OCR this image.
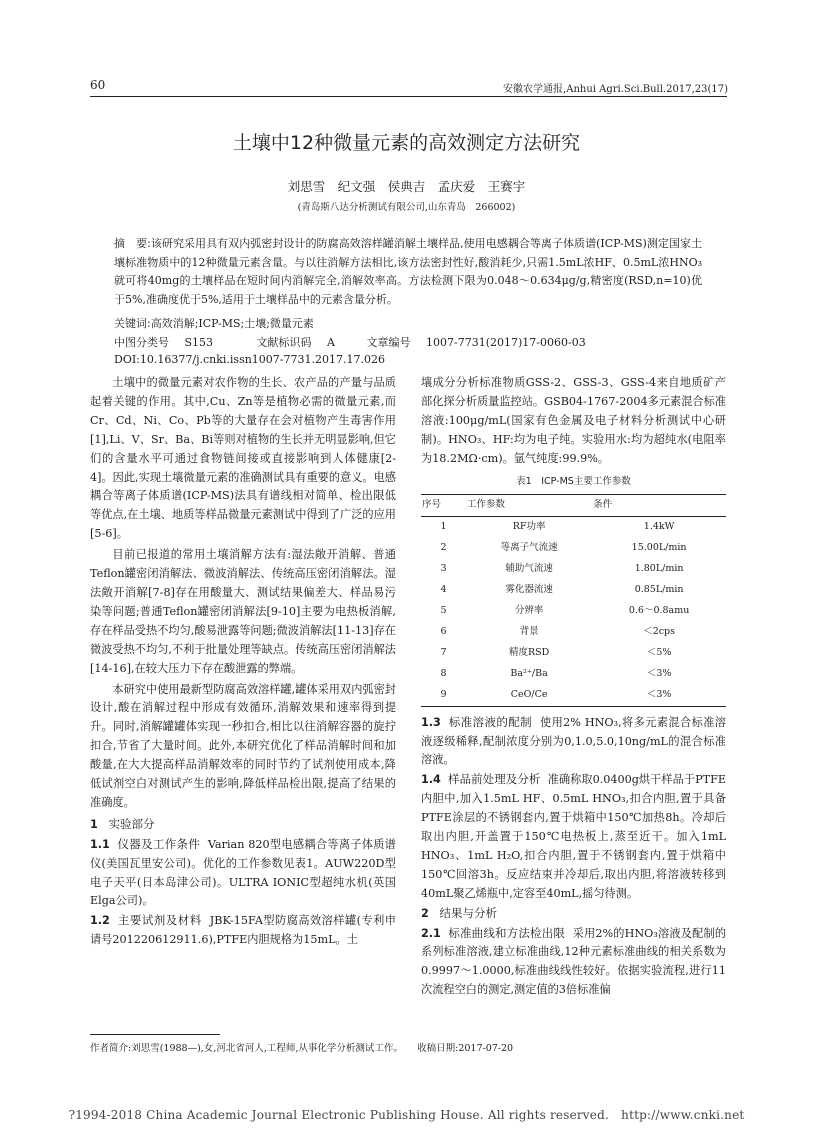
60	安徽农学通报,Anhui Agri.Sci.Bull.2017,23(17)
土壤中12种微量元素的高效测定方法研究
刘思雪　纪文强　侯典吉　孟庆爱　王赛宇
(青岛斯八达分析测试有限公司,山东青岛　266002)
摘　要:该研究采用具有双内弧密封设计的防腐高效溶样罐消解土壤样品,使用电感耦合等离子体质谱(ICP-MS)测定国家土壤标准物质中的12种微量元素含量。与以往消解方法相比,该方法密封性好,酸消耗少,只需1.5mL浓HF、0.5mL浓HNO₃就可将40mg的土壤样品在短时间内消解完全,消解效率高。方法检测下限为0.048～0.634μg/g,精密度(RSD,n=10)优于5%,准确度优于5%,适用于土壤样品中的元素含量分析。
关键词:高效消解;ICP-MS;土壤;微量元素
中图分类号 S153	文献标识码 A	文章编号 1007-7731(2017)17-0060-03
DOI:10.16377/j.cnki.issn1007-7731.2017.17.026

土壤中的微量元素对农作物的生长、农产品的产量与品质起着关键的作用。其中,Cu、Zn等是植物必需的微量元素,而Cr、Cd、Ni、Co、Pb等的大量存在会对植物产生毒害作用[1],Li、V、Sr、Ba、Bi等则对植物的生长并无明显影响,但它们的含量水平可通过食物链间接或直接影响到人体健康[2-4]。因此,实现土壤微量元素的准确测试具有重要的意义。电感耦合等离子体质谱(ICP-MS)法具有谱线相对简单、检出限低等优点,在土壤、地质等样品微量元素测试中得到了广泛的应用[5-6]。

目前已报道的常用土壤消解方法有:湿法敞开消解、普通Teflon罐密闭消解法、微波消解法、传统高压密闭消解法。湿法敞开消解[7-8]存在用酸量大、测试结果偏差大、样品易污染等问题;普通Teflon罐密闭消解法[9-10]主要为电热板消解,存在样品受热不均匀,酸易泄露等问题;微波消解法[11-13]存在微波受热不均匀,不利于批量处理等缺点。传统高压密闭消解法[14-16],在较大压力下存在酸泄露的弊端。

本研究中使用最新型防腐高效溶样罐,罐体采用双内弧密封设计,酸在消解过程中形成有效循环,消解效果和速率得到提升。同时,消解罐罐体实现一秒扣合,相比以往消解容器的旋拧扣合,节省了大量时间。此外,本研究优化了样品消解时间和加酸量,在大大提高样品消解效率的同时节约了试剂使用成本,降低试剂空白对测试产生的影响,降低样品检出限,提高了结果的准确度。

1 实验部分

1.1 仪器及工作条件 Varian 820型电感耦合等离子体质谱仪(美国瓦里安公司)。优化的工作参数见表1。AUW220D型电子天平(日本岛津公司)。ULTRA IONIC型超纯水机(英国Elga公司)。

1.2 主要试剂及材料 JBK-15FA型防腐高效溶样罐(专利申请号201220612911.6),PTFE内胆规格为15mL。土

壤成分分析标准物质GSS-2、GSS-3、GSS-4来自地质矿产部化探分析质量监控站。GSB04-1767-2004多元素混合标准溶液:100μg/mL(国家有色金属及电子材料分析测试中心研制)。HNO₃、HF:均为电子纯。实验用水:均为超纯水(电阻率为18.2MΩ·cm)。氩气纯度:99.9%。

表1　ICP-MS主要工作参数
序号	工作参数	条件
1	RF功率	1.4kW
2	等离子气流速	15.00L/min
3	辅助气流速	1.80L/min
4	雾化器流速	0.85L/min
5	分辨率	0.6～0.8amu
6	背景	＜2cps
7	精度RSD	＜5%
8	Ba²⁺/Ba	＜3%
9	CeO/Ce	＜3%

1.3 标准溶液的配制 使用2% HNO₃,将多元素混合标准溶液逐级稀释,配制浓度分别为0,1.0,5.0,10ng/mL的混合标准溶液。

1.4 样品前处理及分析 准确称取0.0400g烘干样品于PTFE内胆中,加入1.5mL HF、0.5mL HNO₃,扣合内胆,置于具备PTFE涂层的不锈钢套内,置于烘箱中150℃加热8h。冷却后取出内胆,开盖置于150℃电热板上,蒸至近干。加入1mL HNO₃、1mL H₂O,扣合内胆,置于不锈钢套内,置于烘箱中150℃回溶3h。反应结束并冷却后,取出内胆,将溶液转移到40mL聚乙烯瓶中,定容至40mL,摇匀待测。

2 结果与分析

2.1 标准曲线和方法检出限 采用2%的HNO₃溶液及配制的系列标准溶液,建立标准曲线,12种元素标准曲线的相关系数为0.9997～1.0000,标准曲线线性较好。依据实验流程,进行11次流程空白的测定,测定值的3倍标准偏

作者简介:刘思雪(1988—),女,河北省河人,工程师,从事化学分析测试工作。　　收稿日期:2017-07-20
?1994-2018 China Academic Journal Electronic Publishing House. All rights reserved.　http://www.cnki.net
